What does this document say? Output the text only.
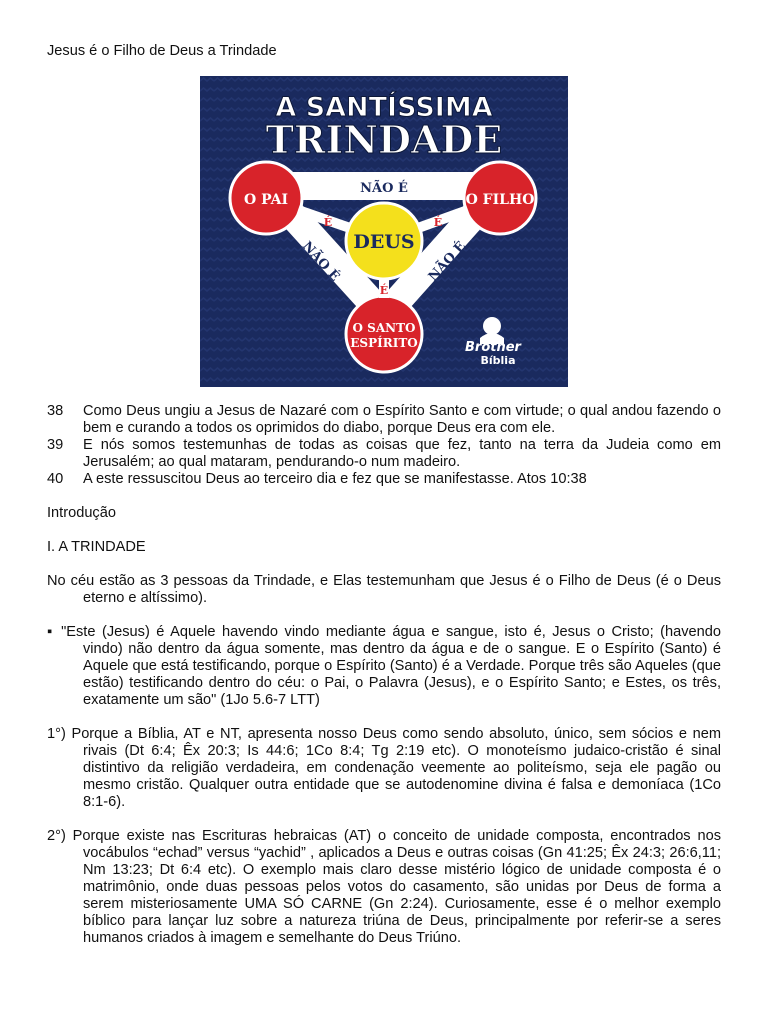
Jesus é o Filho de Deus a Trindade
A SANTÍSSIMA
TRINDADE
O PAI	O FILHO
O SANTO
ESPÍRITO
DEUS
NÃO É
NÃO É	NÃO É
É	É
É
Brother
Bíblia
38	Como Deus ungiu a Jesus de Nazaré com o Espírito Santo e com virtude; o qual andou fazendo o bem e curando a todos os oprimidos do diabo, porque Deus era com ele.
39	E nós somos testemunhas de todas as coisas que fez, tanto na terra da Judeia como em Jerusalém; ao qual mataram, pendurando-o num madeiro.
40	A este ressuscitou Deus ao terceiro dia e fez que se manifestasse. Atos 10:38
Introdução
I. A TRINDADE
No céu estão as 3 pessoas da Trindade, e Elas testemunham que Jesus é o Filho de Deus (é o Deus eterno e altíssimo).
▪ "Este (Jesus) é Aquele havendo vindo mediante água e sangue, isto é, Jesus o Cristo; (havendo vindo) não dentro da água somente, mas dentro da água e de o sangue. E o Espírito (Santo) é Aquele que está testificando, porque o Espírito (Santo) é a Verdade. Porque três são Aqueles (que estão) testificando dentro do céu: o Pai, o Palavra (Jesus), e o Espírito Santo; e Estes, os três, exatamente um são" (1Jo 5.6-7 LTT)
1°) Porque a Bíblia, AT e NT, apresenta nosso Deus como sendo absoluto, único, sem sócios e nem rivais (Dt 6:4; Êx 20:3; Is 44:6; 1Co 8:4; Tg 2:19 etc). O monoteísmo judaico-cristão é sinal distintivo da religião verdadeira, em condenação veemente ao politeísmo, seja ele pagão ou mesmo cristão. Qualquer outra entidade que se autodenomine divina é falsa e demoníaca (1Co 8:1-6).
2°) Porque existe nas Escrituras hebraicas (AT) o conceito de unidade composta, encontrados nos vocábulos “echad” versus “yachid” , aplicados a Deus e outras coisas (Gn 41:25; Êx 24:3; 26:6,11; Nm 13:23; Dt 6:4 etc). O exemplo mais claro desse mistério lógico de unidade composta é o matrimônio, onde duas pessoas pelos votos do casamento, são unidas por Deus de forma a serem misteriosamente UMA SÓ CARNE (Gn 2:24). Curiosamente, esse é o melhor exemplo bíblico para lançar luz sobre a natureza triúna de Deus, principalmente por referir-se a seres humanos criados à imagem e semelhante do Deus Triúno.
